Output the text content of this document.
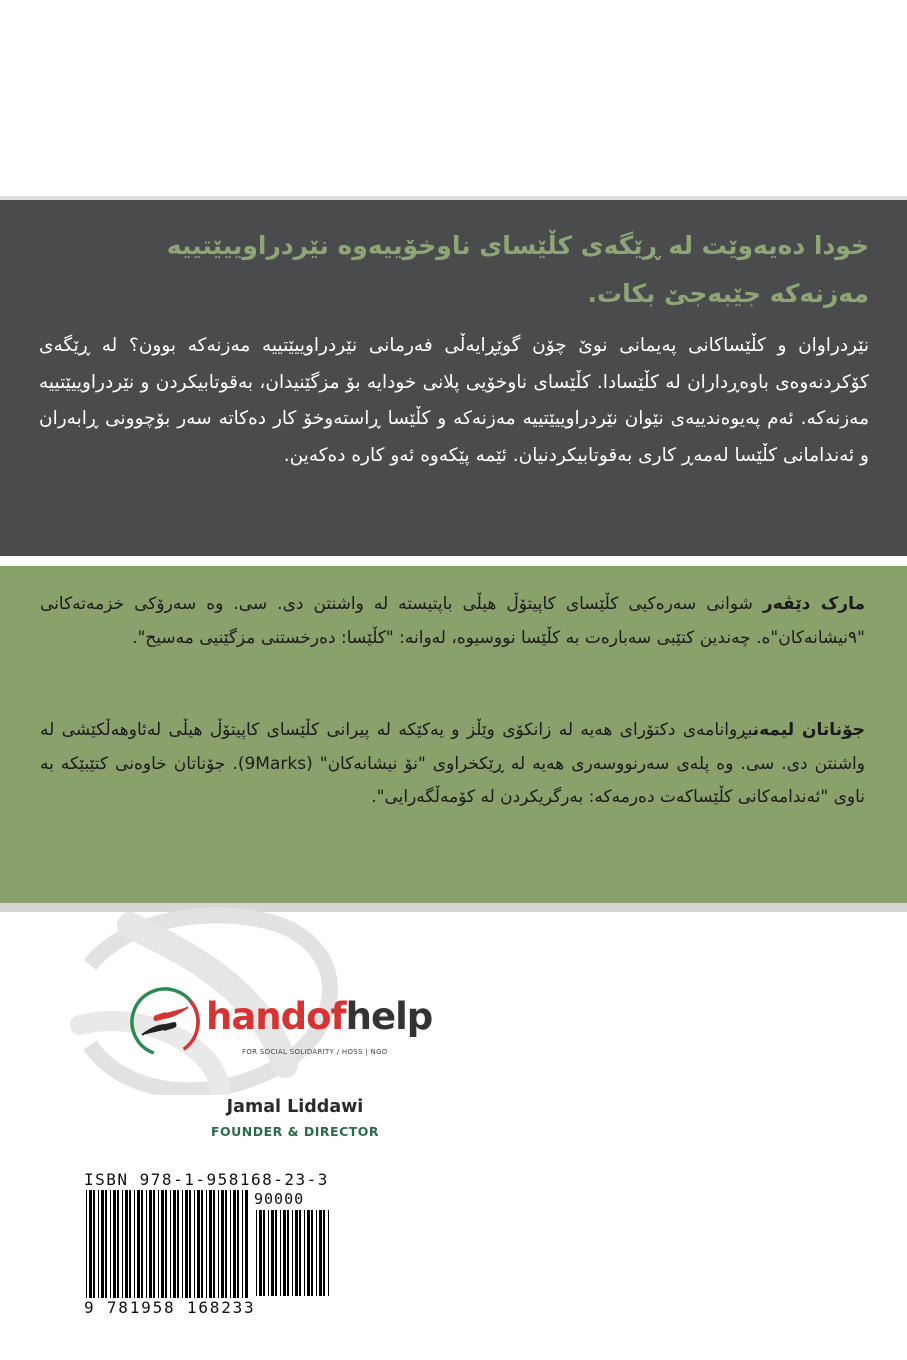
خودا دەیەوێت لە ڕێگەی کڵێسای ناوخۆییەوە نێردراوییێتییە مەزنەکە جێبەجێ بکات.
نێردراوان و کڵێساکانی پەیمانی نوێ چۆن گوێڕایەڵی فەرمانی نێردراوییێتییە مەزنەکە بوون؟ لە ڕێگەی کۆکردنەوەی باوەڕداران لە کڵێسادا. کڵێسای ناوخۆیی پلانی خودایە بۆ مزگێنیدان، بەقوتابیکردن و نێردراوییێتییە مەزنەکە. ئەم پەیوەندییەی نێوان نێردراوییێتییە مەزنەکە و کڵێسا ڕاستەوخۆ کار دەکاتە سەر بۆچوونی ڕابەران و ئەندامانی کڵێسا لەمەڕ کاری بەقوتابیکردنیان. ئێمە پێکەوە ئەو کارە دەکەین.

مارک دێڤەر شوانی سەرەکیی کڵێسای کاپیتۆڵ هیڵی باپتیستە لە واشنتن دی. سی. وە سەرۆکی خزمەتەکانی "٩نیشانەکان"ە. چەندین کتێبی سەبارەت بە کڵێسا نووسیوە، لەوانە: "کڵێسا: دەرخستنی مزگێنیی مەسیح".

جۆناتان لیمەنبڕوانامەی دکتۆرای هەیە لە زانکۆی وێڵز و یەکێکە لە پیرانی کڵێسای کاپیتۆڵ هیڵی لەئاوهەڵکێشی لە واشنتن دی. سی. وە پلەی سەرنووسەری هەیە لە ڕێکخراوی "نۆ نیشانەکان" (9Marks). جۆناتان خاوەنی کتێبێکە بە ناوی "ئەندامەکانی کڵێساکەت دەرمەکە: بەرگریکردن لە کۆمەڵگەرایی".

handofhelp
FOR SOCIAL SOLIDARITY / HOSS | NGO
Jamal Liddawi
FOUNDER & DIRECTOR
ISBN 978-1-958168-23-3
90000
9 781958 168233
